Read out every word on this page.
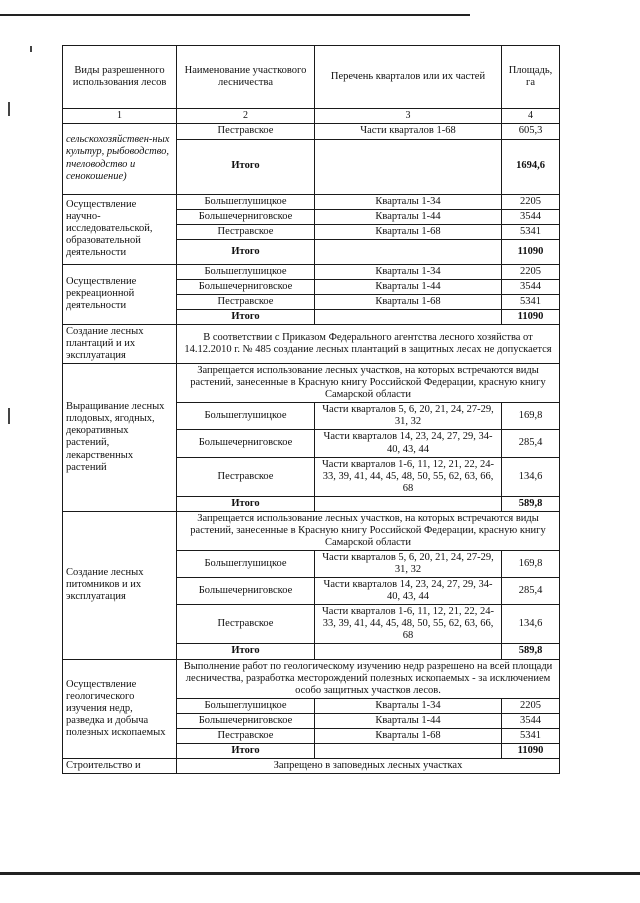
Виды разрешенного использования лесов	Наименование участкового лесничества	Перечень кварталов или их частей	Площадь, га
1	2	3	4
сельскохозяйствен-ных культур, рыбоводство, пчеловодство и сенокошение)	Пестравское	Части кварталов 1-68	605,3
	Итого		1694,6
Осуществление научно-исследовательской, образовательной деятельности	Большеглушицкое	Кварталы 1-34	2205
	Большечерниговское	Кварталы 1-44	3544
	Пестравское	Кварталы 1-68	5341
	Итого		11090
Осуществление рекреационной деятельности	Большеглушицкое	Кварталы 1-34	2205
	Большечерниговское	Кварталы 1-44	3544
	Пестравское	Кварталы 1-68	5341
	Итого		11090
Создание лесных плантаций и их эксплуатация	В соответствии с Приказом Федерального агентства лесного хозяйства от 14.12.2010 г. № 485 создание лесных плантаций в защитных лесах не допускается		
Выращивание лесных плодовых, ягодных, декоративных растений, лекарственных растений	Запрещается использование лесных участков, на которых встречаются виды растений, занесенные в Красную книгу Российской Федерации, красную книгу Самарской области		
	Большеглушицкое	Части кварталов 5, 6, 20, 21, 24, 27-29, 31, 32	169,8
	Большечерниговское	Части кварталов 14, 23, 24, 27, 29, 34-40, 43, 44	285,4
	Пестравское	Части кварталов 1-6, 11, 12, 21, 22, 24-33, 39, 41, 44, 45, 48, 50, 55, 62, 63, 66, 68	134,6
	Итого		589,8
Создание лесных питомников и их эксплуатация	Запрещается использование лесных участков, на которых встречаются виды растений, занесенные в Красную книгу Российской Федерации, красную книгу Самарской области		
	Большеглушицкое	Части кварталов 5, 6, 20, 21, 24, 27-29, 31, 32	169,8
	Большечерниговское	Части кварталов 14, 23, 24, 27, 29, 34-40, 43, 44	285,4
	Пестравское	Части кварталов 1-6, 11, 12, 21, 22, 24-33, 39, 41, 44, 45, 48, 50, 55, 62, 63, 66, 68	134,6
	Итого		589,8
Осуществление геологического изучения недр, разведка и добыча полезных ископаемых	Выполнение работ по геологическому изучению недр разрешено на всей площади лесничества, разработка месторождений полезных ископаемых - за исключением особо защитных участков лесов.		
	Большеглушицкое	Кварталы 1-34	2205
	Большечерниговское	Кварталы 1-44	3544
	Пестравское	Кварталы 1-68	5341
	Итого		11090
Строительство и	Запрещено в заповедных лесных участках		
